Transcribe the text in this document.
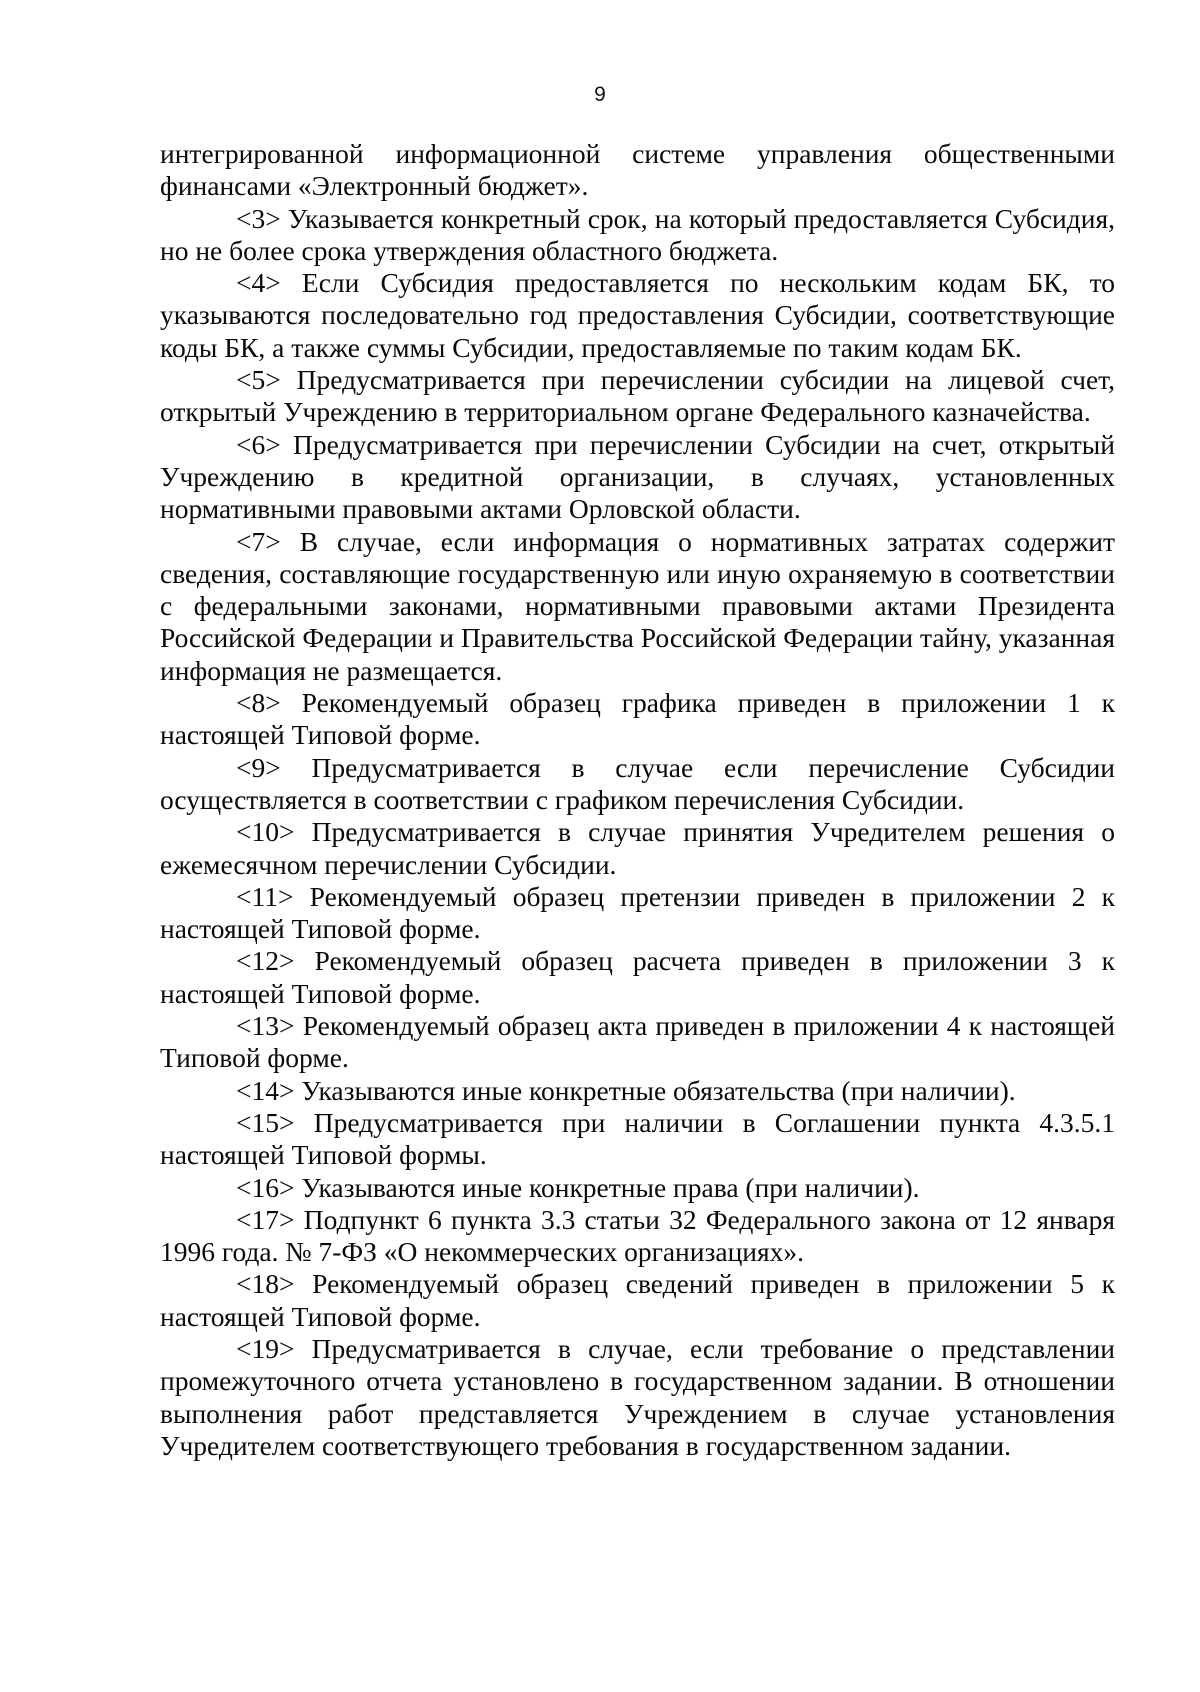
9

интегрированной информационной системе управления общественными финансами «Электронный бюджет».

<3> Указывается конкретный срок, на который предоставляется Субсидия, но не более срока утверждения областного бюджета.

<4> Если Субсидия предоставляется по нескольким кодам БК, то указываются последовательно год предоставления Субсидии, соответствующие коды БК, а также суммы Субсидии, предоставляемые по таким кодам БК.

<5> Предусматривается при перечислении субсидии на лицевой счет, открытый Учреждению в территориальном органе Федерального казначейства.

<6> Предусматривается при перечислении Субсидии на счет, открытый Учреждению в кредитной организации, в случаях, установленных нормативными правовыми актами Орловской области.

<7> В случае, если информация о нормативных затратах содержит сведения, составляющие государственную или иную охраняемую в соответствии с федеральными законами, нормативными правовыми актами Президента Российской Федерации и Правительства Российской Федерации тайну, указанная информация не размещается.

<8> Рекомендуемый образец графика приведен в приложении 1 к настоящей Типовой форме.

<9> Предусматривается в случае если перечисление Субсидии осуществляется в соответствии с графиком перечисления Субсидии.

<10> Предусматривается в случае принятия Учредителем решения о ежемесячном перечислении Субсидии.

<11> Рекомендуемый образец претензии приведен в приложении 2 к настоящей Типовой форме.

<12> Рекомендуемый образец расчета приведен в приложении 3 к настоящей Типовой форме.

<13> Рекомендуемый образец акта приведен в приложении 4 к настоящей Типовой форме.

<14> Указываются иные конкретные обязательства (при наличии).

<15> Предусматривается при наличии в Соглашении пункта 4.3.5.1 настоящей Типовой формы.

<16> Указываются иные конкретные права (при наличии).

<17> Подпункт 6 пункта 3.3 статьи 32 Федерального закона от 12 января 1996 года. № 7-ФЗ «О некоммерческих организациях».

<18> Рекомендуемый образец сведений приведен в приложении 5 к настоящей Типовой форме.

<19> Предусматривается в случае, если требование о представлении промежуточного отчета установлено в государственном задании. В отношении выполнения работ представляется Учреждением в случае установления Учредителем соответствующего требования в государственном задании.
